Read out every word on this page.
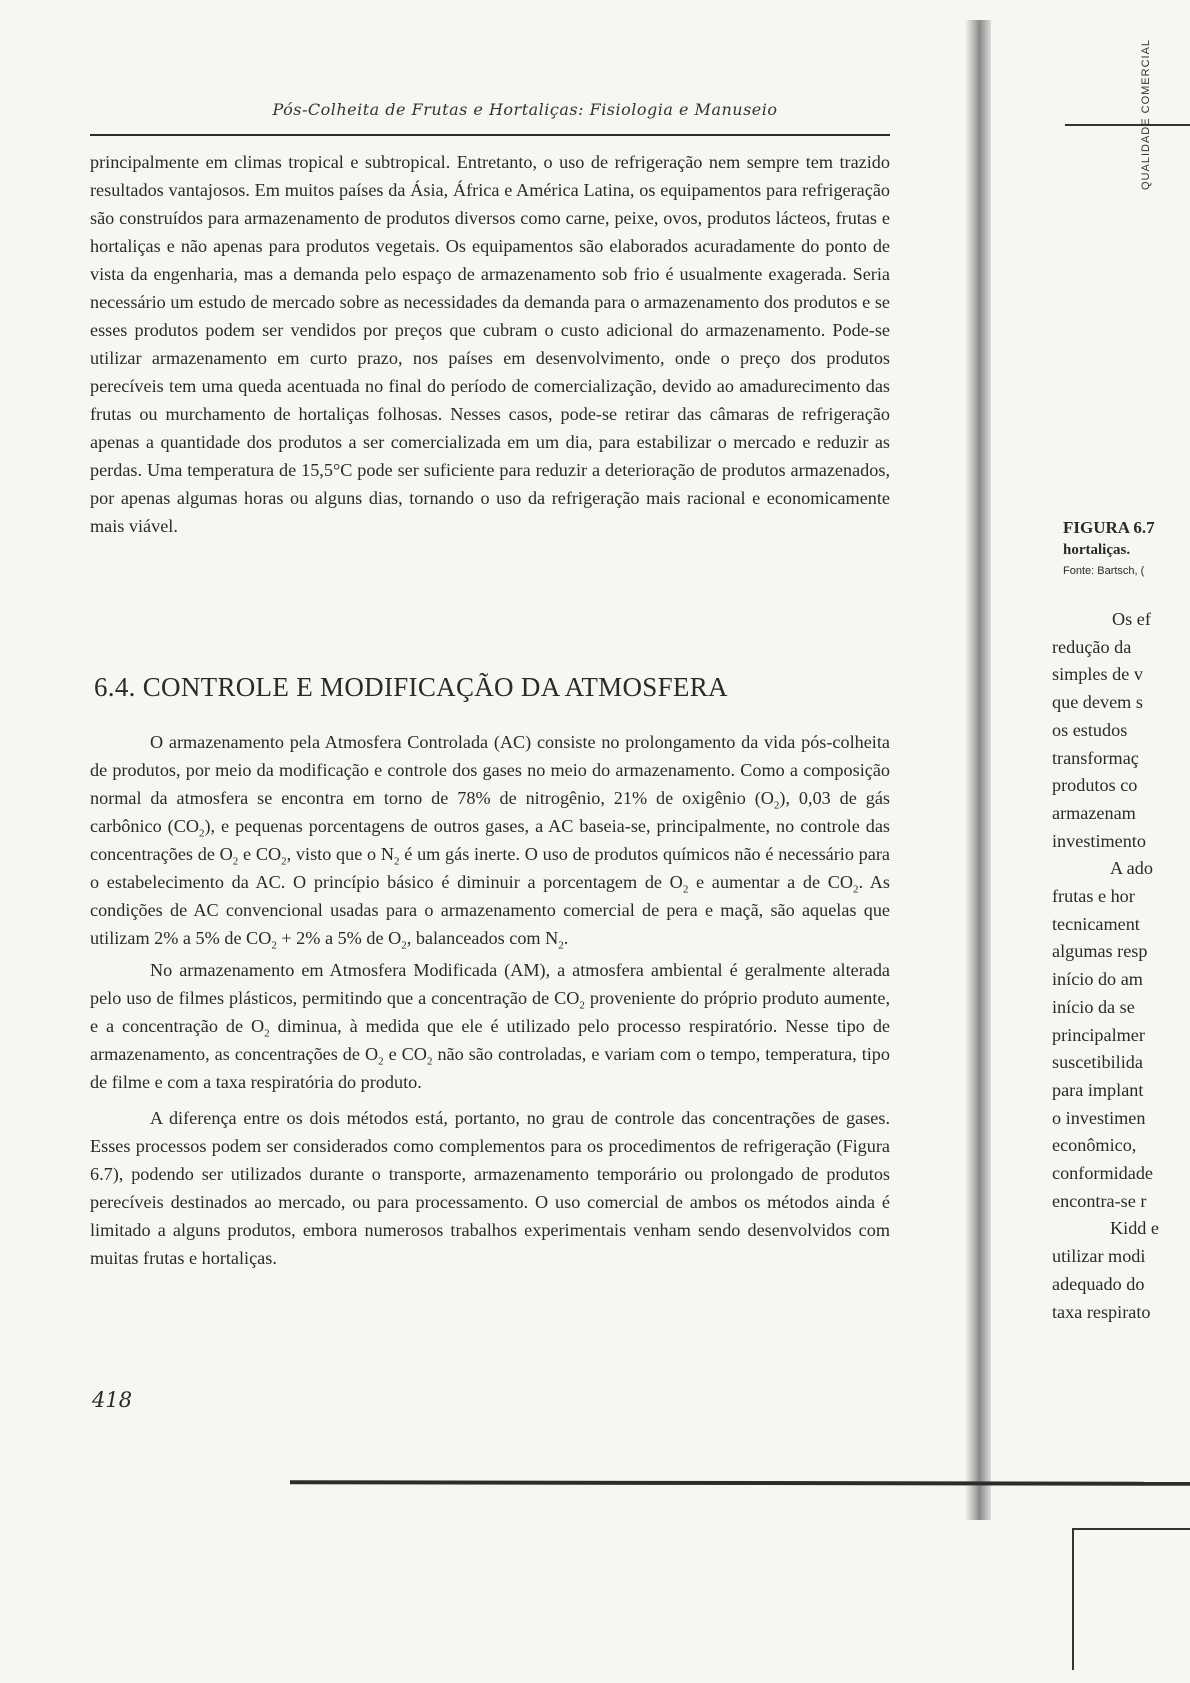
Pós-Colheita de Frutas e Hortaliças: Fisiologia e Manuseio

principalmente em climas tropical e subtropical. Entretanto, o uso de refrigeração nem sempre tem trazido resultados vantajosos. Em muitos países da Ásia, África e América Latina, os equipamentos para refrigeração são construídos para armazenamento de produtos diversos como carne, peixe, ovos, produtos lácteos, frutas e hortaliças e não apenas para produtos vegetais. Os equipamentos são elaborados acuradamente do ponto de vista da engenharia, mas a demanda pelo espaço de armazenamento sob frio é usualmente exagerada. Seria necessário um estudo de mercado sobre as necessidades da demanda para o armazenamento dos produtos e se esses produtos podem ser vendidos por preços que cubram o custo adicional do armazenamento. Pode-se utilizar armazenamento em curto prazo, nos países em desenvolvimento, onde o preço dos produtos perecíveis tem uma queda acentuada no final do período de comercialização, devido ao amadurecimento das frutas ou murchamento de hortaliças folhosas. Nesses casos, pode-se retirar das câmaras de refrigeração apenas a quantidade dos produtos a ser comercializada em um dia, para estabilizar o mercado e reduzir as perdas. Uma temperatura de 15,5°C pode ser suficiente para reduzir a deterioração de produtos armazenados, por apenas algumas horas ou alguns dias, tornando o uso da refrigeração mais racional e economicamente mais viável.

6.4. CONTROLE E MODIFICAÇÃO DA ATMOSFERA

O armazenamento pela Atmosfera Controlada (AC) consiste no prolongamento da vida pós-colheita de produtos, por meio da modificação e controle dos gases no meio do armazenamento. Como a composição normal da atmosfera se encontra em torno de 78% de nitrogênio, 21% de oxigênio $(O_2)$, 0,03 de gás carbônico $(CO_2)$, e pequenas porcentagens de outros gases, a AC baseia-se, principalmente, no controle das concentrações de $O_2$ e $CO_2$, visto que o $N_2$ é um gás inerte. O uso de produtos químicos não é necessário para o estabelecimento da AC. O princípio básico é diminuir a porcentagem de $O_2$ e aumentar a de $CO_2$. As condições de AC convencional usadas para o armazenamento comercial de pera e maçã, são aquelas que utilizam 2% a 5% de $CO_2 + 2\%$ a 5% de $O_2$, balanceados com $N_2$.

No armazenamento em Atmosfera Modificada (AM), a atmosfera ambiental é geralmente alterada pelo uso de filmes plásticos, permitindo que a concentração de $CO_2$ proveniente do próprio produto aumente, e a concentração de $O_2$ diminua, à medida que ele é utilizado pelo processo respiratório. Nesse tipo de armazenamento, as concentrações de $O_2$ e $CO_2$ não são controladas, e variam com o tempo, temperatura, tipo de filme e com a taxa respiratória do produto.

A diferença entre os dois métodos está, portanto, no grau de controle das concentrações de gases. Esses processos podem ser considerados como complementos para os procedimentos de refrigeração (Figura 6.7), podendo ser utilizados durante o transporte, armazenamento temporário ou prolongado de produtos perecíveis destinados ao mercado, ou para processamento. O uso comercial de ambos os métodos ainda é limitado a alguns produtos, embora numerosos trabalhos experimentais venham sendo desenvolvidos com muitas frutas e hortaliças.

418
QUALIDADE COMERCIAL
FIGURA 6.7
hortaliças.
Fonte: Bartsch, (
Os ef
redução da
simples de v
que devem s
os estudos
transformaç
produtos co
armazenam
investimento
A ado
frutas e hor
tecnicament
algumas resp
início do am
início da se
principalmer
suscetibilida
para implant
o investimen
econômico,
conformidade
encontra-se r
Kidd e
utilizar modi
adequado do
taxa respirato
